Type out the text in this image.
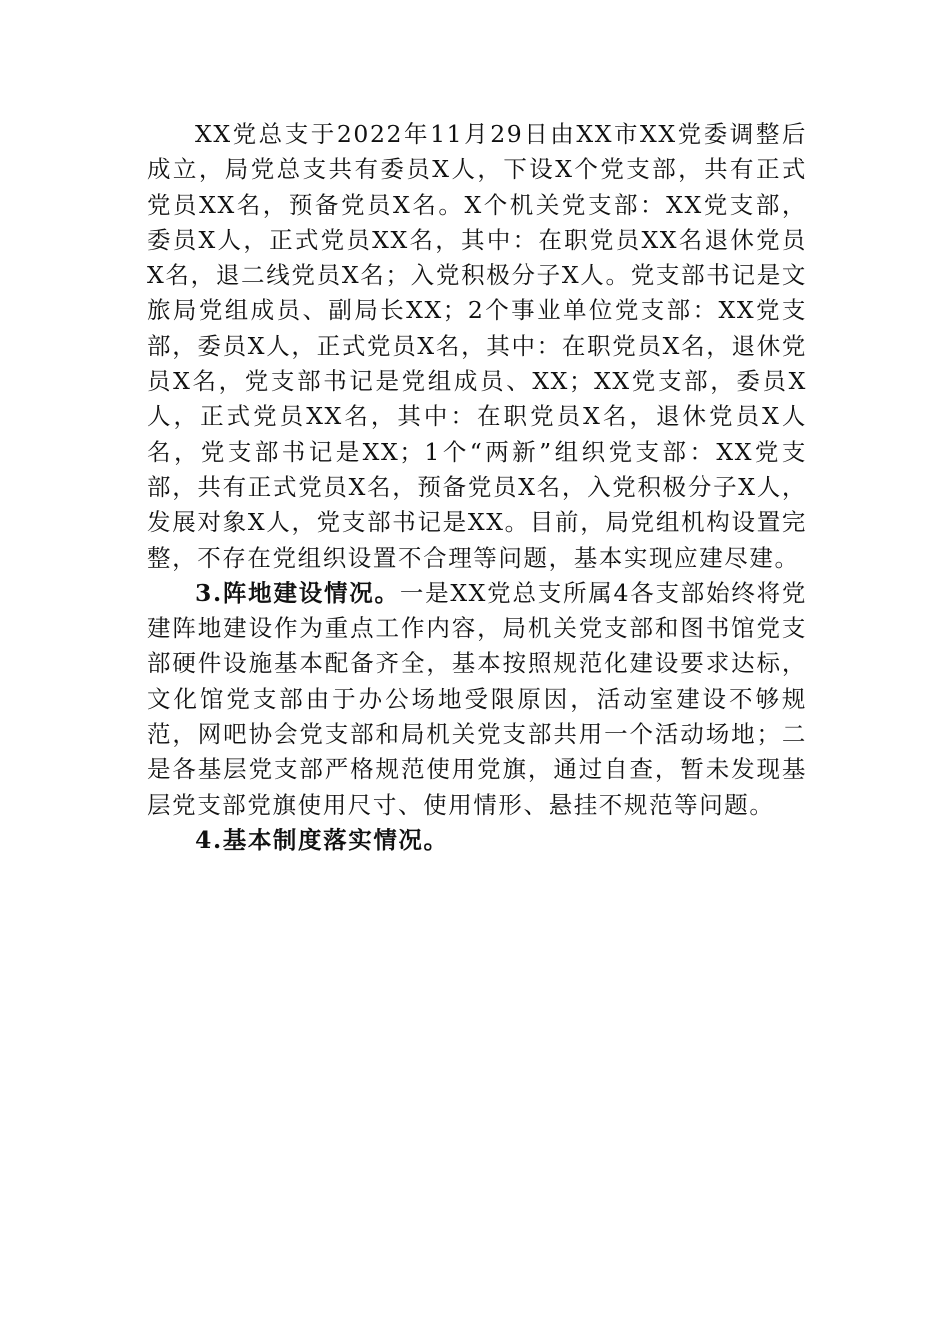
XX党总支于2022年11月29日由XX市XX党委调整后成立，局党总支共有委员X人，下设X个党支部，共有正式党员XX名，预备党员X名。X个机关党支部：XX党支部，委员X人，正式党员XX名，其中：在职党员XX名退休党员X名，退二线党员X名；入党积极分子X人。党支部书记是文旅局党组成员、副局长XX；2个事业单位党支部：XX党支部，委员X人，正式党员X名，其中：在职党员X名，退休党员X名，党支部书记是党组成员、XX；XX党支部，委员X人，正式党员XX名，其中：在职党员X名，退休党员X人名，党支部书记是XX；1个“两新”组织党支部：XX党支部，共有正式党员X名，预备党员X名，入党积极分子X人，发展对象X人，党支部书记是XX。目前，局党组机构设置完整，不存在党组织设置不合理等问题，基本实现应建尽建。

3.阵地建设情况。一是XX党总支所属4各支部始终将党建阵地建设作为重点工作内容，局机关党支部和图书馆党支部硬件设施基本配备齐全，基本按照规范化建设要求达标，文化馆党支部由于办公场地受限原因，活动室建设不够规范，网吧协会党支部和局机关党支部共用一个活动场地；二是各基层党支部严格规范使用党旗，通过自查，暂未发现基层党支部党旗使用尺寸、使用情形、悬挂不规范等问题。

4.基本制度落实情况。
